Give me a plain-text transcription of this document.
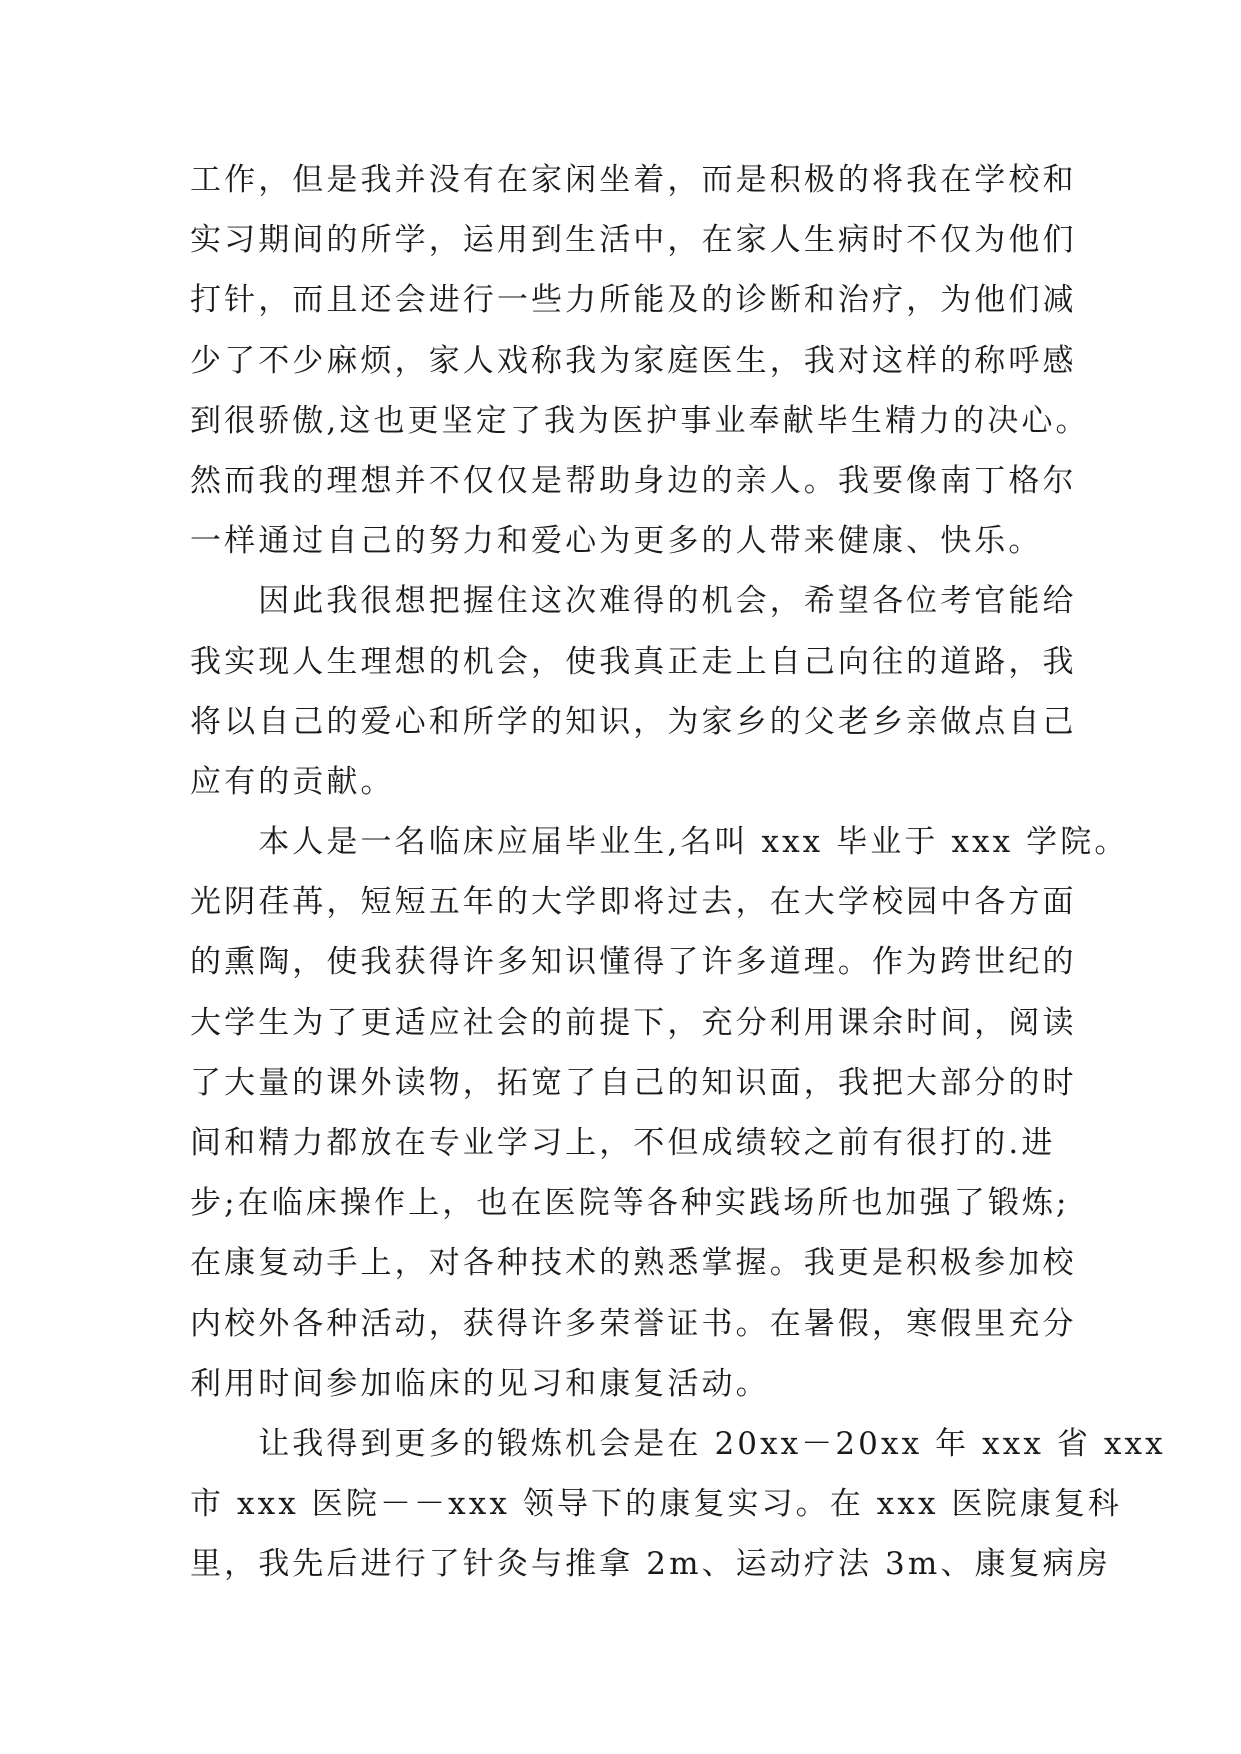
工作，但是我并没有在家闲坐着，而是积极的将我在学校和
实习期间的所学，运用到生活中，在家人生病时不仅为他们
打针，而且还会进行一些力所能及的诊断和治疗，为他们减
少了不少麻烦，家人戏称我为家庭医生，我对这样的称呼感
到很骄傲,这也更坚定了我为医护事业奉献毕生精力的决心。
然而我的理想并不仅仅是帮助身边的亲人。我要像南丁格尔
一样通过自己的努力和爱心为更多的人带来健康、快乐。
　　因此我很想把握住这次难得的机会，希望各位考官能给
我实现人生理想的机会，使我真正走上自己向往的道路，我
将以自己的爱心和所学的知识，为家乡的父老乡亲做点自己
应有的贡献。
　　本人是一名临床应届毕业生,名叫 xxx 毕业于 xxx 学院。
光阴荏苒，短短五年的大学即将过去，在大学校园中各方面
的熏陶，使我获得许多知识懂得了许多道理。作为跨世纪的
大学生为了更适应社会的前提下，充分利用课余时间，阅读
了大量的课外读物，拓宽了自己的知识面，我把大部分的时
间和精力都放在专业学习上，不但成绩较之前有很打的.进
步;在临床操作上，也在医院等各种实践场所也加强了锻炼;
在康复动手上，对各种技术的熟悉掌握。我更是积极参加校
内校外各种活动，获得许多荣誉证书。在暑假，寒假里充分
利用时间参加临床的见习和康复活动。
　　让我得到更多的锻炼机会是在 20xx－20xx 年 xxx 省 xxx
市 xxx 医院－－xxx 领导下的康复实习。在 xxx 医院康复科
里，我先后进行了针灸与推拿 2m、运动疗法 3m、康复病房
